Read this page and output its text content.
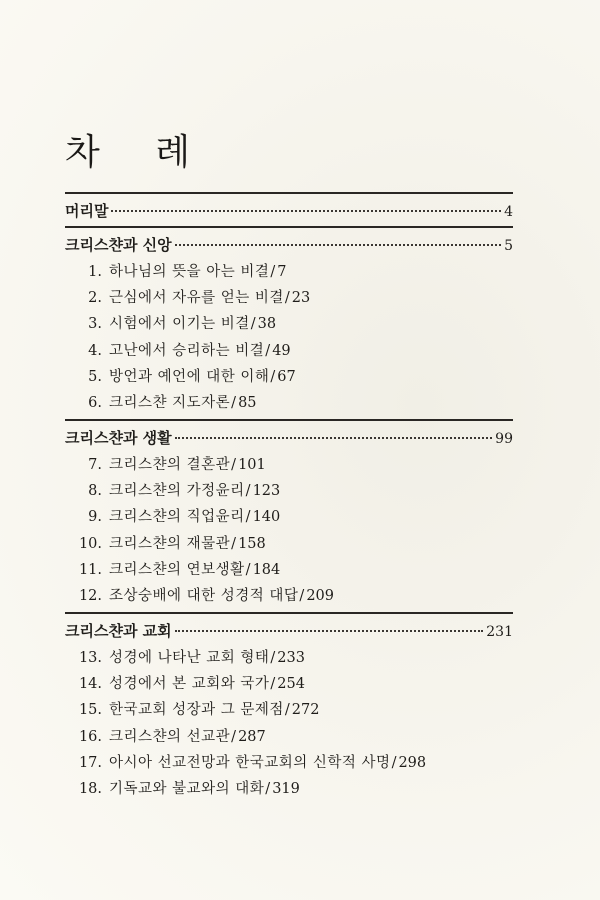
차 례
머리말	4
크리스챤과 신앙	5
1. 하나님의 뜻을 아는 비결 / 7
2. 근심에서 자유를 얻는 비결 / 23
3. 시험에서 이기는 비결 / 38
4. 고난에서 승리하는 비결 / 49
5. 방언과 예언에 대한 이해 / 67
6. 크리스챤 지도자론 / 85
크리스챤과 생활	99
7. 크리스챤의 결혼관 / 101
8. 크리스챤의 가정윤리 / 123
9. 크리스챤의 직업윤리 / 140
10. 크리스챤의 재물관 / 158
11. 크리스챤의 연보생활 / 184
12. 조상숭배에 대한 성경적 대답 / 209
크리스챤과 교회	231
13. 성경에 나타난 교회 형태 / 233
14. 성경에서 본 교회와 국가 / 254
15. 한국교회 성장과 그 문제점 / 272
16. 크리스챤의 선교관 / 287
17. 아시아 선교전망과 한국교회의 신학적 사명 / 298
18. 기독교와 불교와의 대화 / 319
